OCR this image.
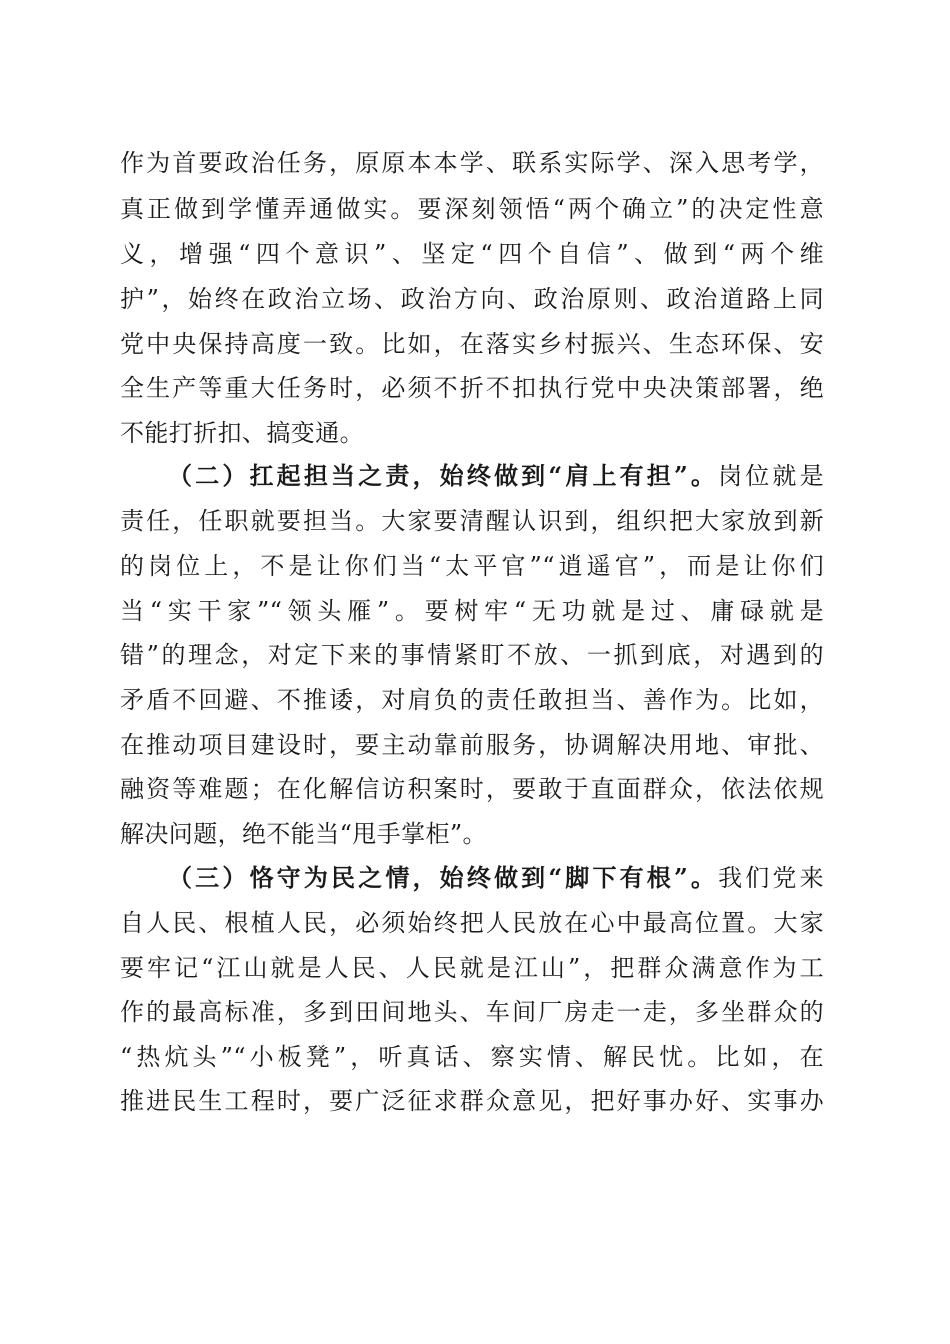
作为首要政治任务，原原本本学、联系实际学、深入思考学，
真正做到学懂弄通做实。要深刻领悟“两个确立”的决定性意
义，增强“四个意识”、坚定“四个自信”、做到“两个维
护”，始终在政治立场、政治方向、政治原则、政治道路上同
党中央保持高度一致。比如，在落实乡村振兴、生态环保、安
全生产等重大任务时，必须不折不扣执行党中央决策部署，绝
不能打折扣、搞变通。
（二）扛起担当之责，始终做到“肩上有担”。岗位就是
责任，任职就要担当。大家要清醒认识到，组织把大家放到新
的岗位上，不是让你们当“太平官”“逍遥官”，而是让你们
当“实干家”“领头雁”。要树牢“无功就是过、庸碌就是
错”的理念，对定下来的事情紧盯不放、一抓到底，对遇到的
矛盾不回避、不推诿，对肩负的责任敢担当、善作为。比如，
在推动项目建设时，要主动靠前服务，协调解决用地、审批、
融资等难题；在化解信访积案时，要敢于直面群众，依法依规
解决问题，绝不能当“甩手掌柜”。
（三）恪守为民之情，始终做到“脚下有根”。我们党来
自人民、根植人民，必须始终把人民放在心中最高位置。大家
要牢记“江山就是人民、人民就是江山”，把群众满意作为工
作的最高标准，多到田间地头、车间厂房走一走，多坐群众的
“热炕头”“小板凳”，听真话、察实情、解民忧。比如，在
推进民生工程时，要广泛征求群众意见，把好事办好、实事办
